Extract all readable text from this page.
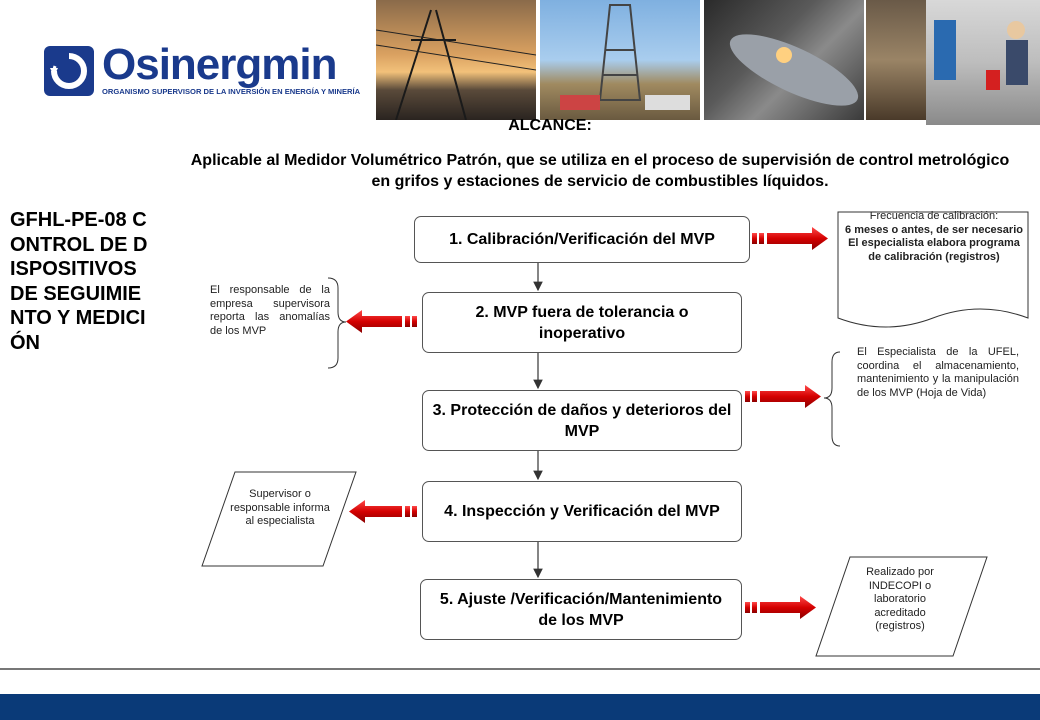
Osinergmin
ORGANISMO SUPERVISOR DE LA INVERSIÓN EN ENERGÍA Y MINERÍA
ALCANCE:
Aplicable al Medidor Volumétrico Patrón, que se utiliza en el proceso de supervisión de control metrológico en grifos y estaciones de servicio de combustibles líquidos.
GFHL-PE-08 CONTROL DE DISPOSITIVOS DE SEGUIMIENTO Y MEDICIÓN
1. Calibración/Verificación del MVP
2. MVP fuera de tolerancia o inoperativo
3. Protección de daños y deterioros del MVP
4. Inspección y Verificación del MVP
5. Ajuste /Verificación/Mantenimiento de los MVP
Frecuencia de calibración:
6 meses o antes, de ser necesario
El especialista elabora programa de calibración (registros)
El responsable de la empresa supervisora reporta las anomalías de los MVP
El Especialista de la UFEL, coordina el almacenamiento, mantenimiento y la manipulación de los MVP (Hoja de Vida)
Supervisor o responsable informa al especialista
Realizado por INDECOPI o laboratorio acreditado (registros)
